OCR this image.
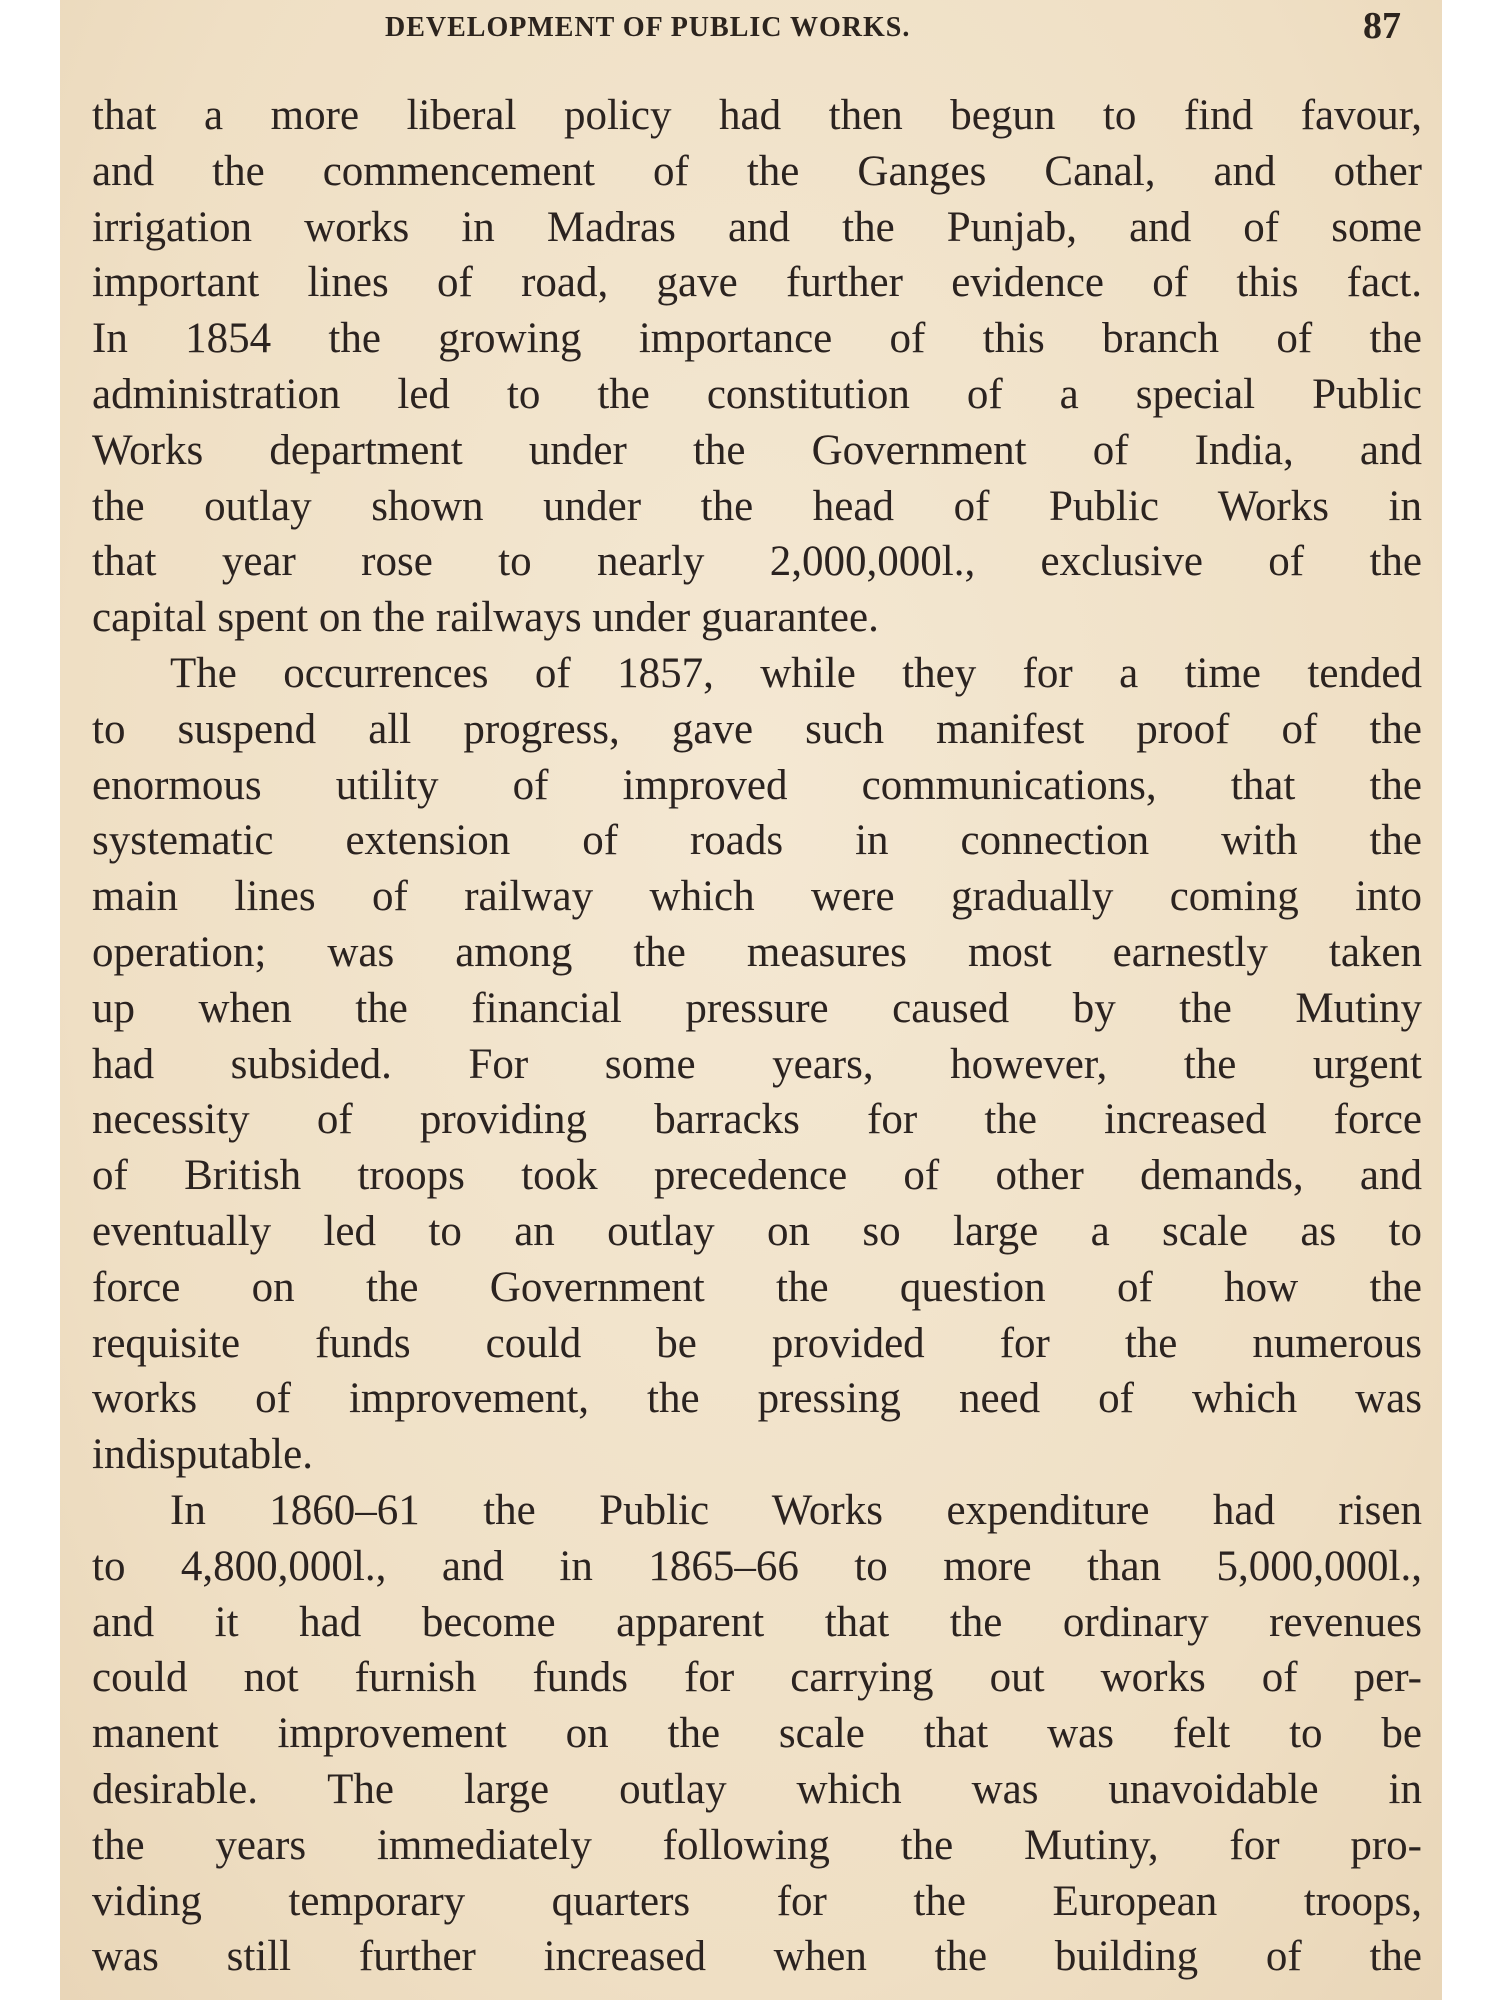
DEVELOPMENT OF PUBLIC WORKS.	87
that a more liberal policy had then begun to find favour,
and the commencement of the Ganges Canal, and other
irrigation works in Madras and the Punjab, and of some
important lines of road, gave further evidence of this fact.
In 1854 the growing importance of this branch of the
administration led to the constitution of a special Public
Works department under the Government of India, and
the outlay shown under the head of Public Works in
that year rose to nearly 2,000,000l., exclusive of the
capital spent on the railways under guarantee.
The occurrences of 1857, while they for a time tended
to suspend all progress, gave such manifest proof of the
enormous utility of improved communications, that the
systematic extension of roads in connection with the
main lines of railway which were gradually coming into
operation; was among the measures most earnestly taken
up when the financial pressure caused by the Mutiny
had subsided. For some years, however, the urgent
necessity of providing barracks for the increased force
of British troops took precedence of other demands, and
eventually led to an outlay on so large a scale as to
force on the Government the question of how the
requisite funds could be provided for the numerous
works of improvement, the pressing need of which was
indisputable.
In 1860–61 the Public Works expenditure had risen
to 4,800,000l., and in 1865–66 to more than 5,000,000l.,
and it had become apparent that the ordinary revenues
could not furnish funds for carrying out works of per-
manent improvement on the scale that was felt to be
desirable. The large outlay which was unavoidable in
the years immediately following the Mutiny, for pro-
viding temporary quarters for the European troops,
was still further increased when the building of the
